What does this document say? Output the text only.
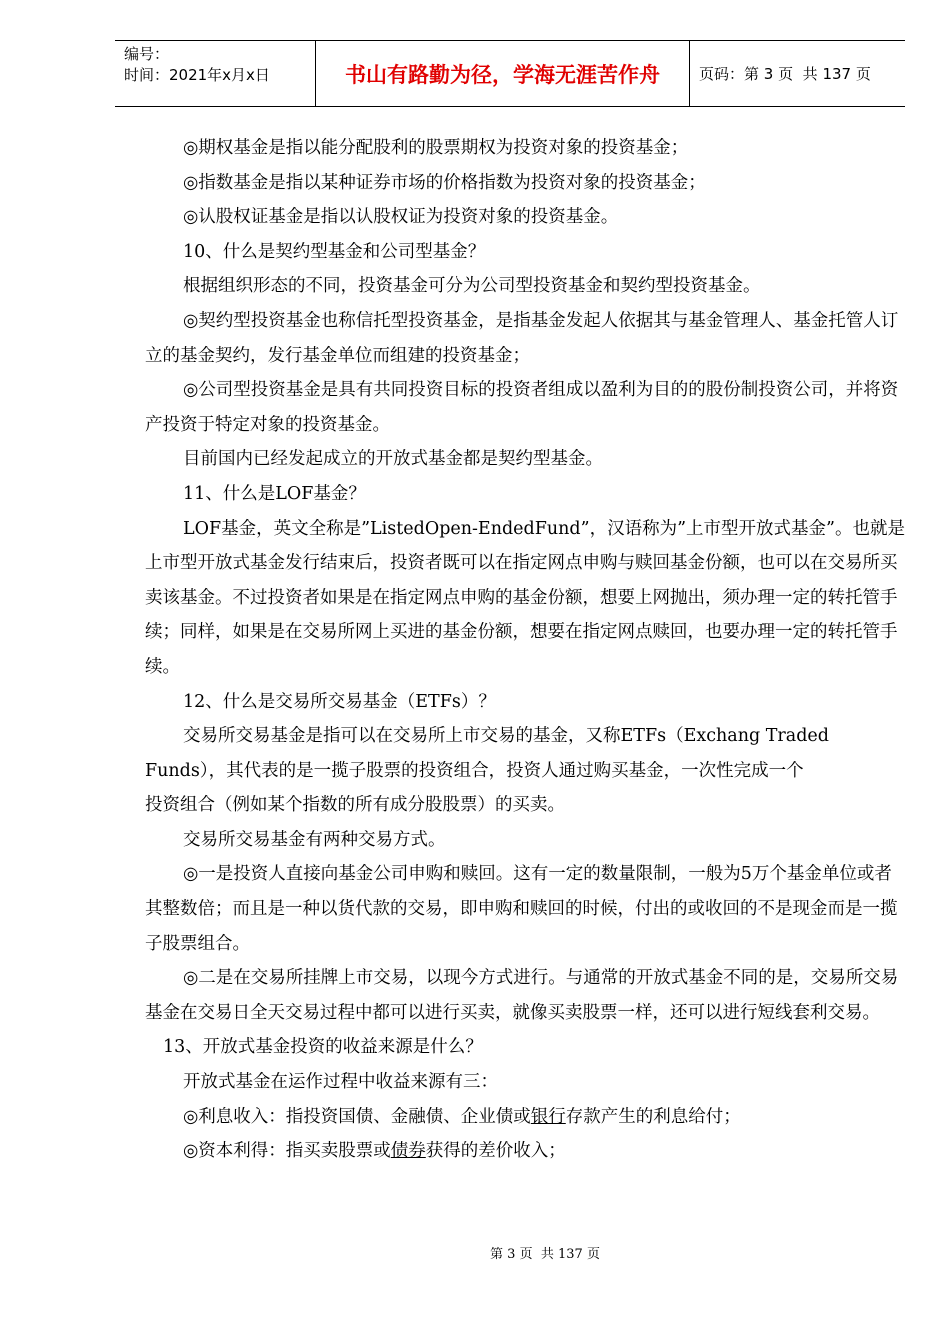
编号：
时间：2021年x月x日	书山有路勤为径，学海无涯苦作舟	页码：第
3
页  共
137
页

◎期权基金是指以能分配股利的股票期权为投资对象的投资基金；

◎指数基金是指以某种证券市场的价格指数为投资对象的投资基金；

◎认股权证基金是指以认股权证为投资对象的投资基金。

10、什么是契约型基金和公司型基金？

根据组织形态的不同，投资基金可分为公司型投资基金和契约型投资基金。

◎契约型投资基金也称信托型投资基金，是指基金发起人依据其与基金管理人、基金托管人订立的基金契约，发行基金单位而组建的投资基金；

◎公司型投资基金是具有共同投资目标的投资者组成以盈利为目的的股份制投资公司，并将资产投资于特定对象的投资基金。

目前国内已经发起成立的开放式基金都是契约型基金。

11、什么是LOF基金？

LOF基金，英文全称是”ListedOpen-EndedFund”，汉语称为”上市型开放式基金”。也就是上市型开放式基金发行结束后，投资者既可以在指定网点申购与赎回基金份额，也可以在交易所买卖该基金。不过投资者如果是在指定网点申购的基金份额，想要上网抛出，须办理一定的转托管手续；同样，如果是在交易所网上买进的基金份额，想要在指定网点赎回，也要办理一定的转托管手续。

12、什么是交易所交易基金（ETFs）？

交易所交易基金是指可以在交易所上市交易的基金，又称ETFs（Exchang Traded

Funds），其代表的是一揽子股票的投资组合，投资人通过购买基金，一次性完成一个

投资组合（例如某个指数的所有成分股股票）的买卖。

交易所交易基金有两种交易方式。

◎一是投资人直接向基金公司申购和赎回。这有一定的数量限制，一般为5万个基金单位或者其整数倍；而且是一种以货代款的交易，即申购和赎回的时候，付出的或收回的不是现金而是一揽子股票组合。

◎二是在交易所挂牌上市交易，以现今方式进行。与通常的开放式基金不同的是，交易所交易基金在交易日全天交易过程中都可以进行买卖，就像买卖股票一样，还可以进行短线套利交易。

13、开放式基金投资的收益来源是什么？

开放式基金在运作过程中收益来源有三：

◎利息收入：指投资国债、金融债、企业债或银行存款产生的利息给付；

◎资本利得：指买卖股票或债券获得的差价收入；

第 3 页  共 137 页
